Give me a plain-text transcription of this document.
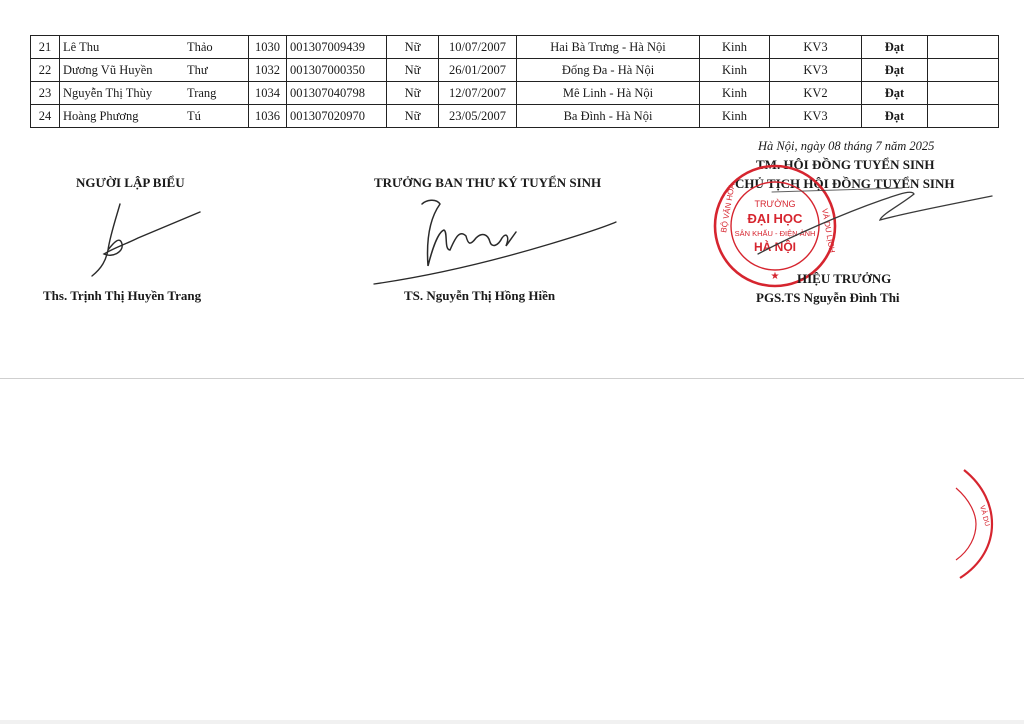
21	Lê Thu	Thảo	1030	001307009439	Nữ	10/07/2007	Hai Bà Trưng - Hà Nội	Kinh	KV3	Đạt	
22	Dương Vũ Huyền	Thư	1032	001307000350	Nữ	26/01/2007	Đống Đa - Hà Nội	Kinh	KV3	Đạt	
23	Nguyễn Thị Thùy	Trang	1034	001307040798	Nữ	12/07/2007	Mê Linh - Hà Nội	Kinh	KV2	Đạt	
24	Hoàng Phương	Tú	1036	001307020970	Nữ	23/05/2007	Ba Đình - Hà Nội	Kinh	KV3	Đạt	
Hà Nội, ngày 08 tháng 7 năm 2025
NGƯỜI LẬP BIỂU
Ths. Trịnh Thị Huyền Trang
TRƯỞNG BAN THƯ KÝ TUYỂN SINH
TS. Nguyễn Thị Hồng Hiền
TM. HỘI ĐỒNG TUYỂN SINH
CHỦ TỊCH HỘI ĐỒNG TUYỂN SINH
BỘ VĂN HÓA	VÀ DU LỊCH
★
TRƯỜNG
ĐẠI HỌC
SÂN KHẤU - ĐIỆN ẢNH
HÀ NỘI
HIỆU TRƯỞNG
PGS.TS Nguyễn Đình Thi
VÀ DU
